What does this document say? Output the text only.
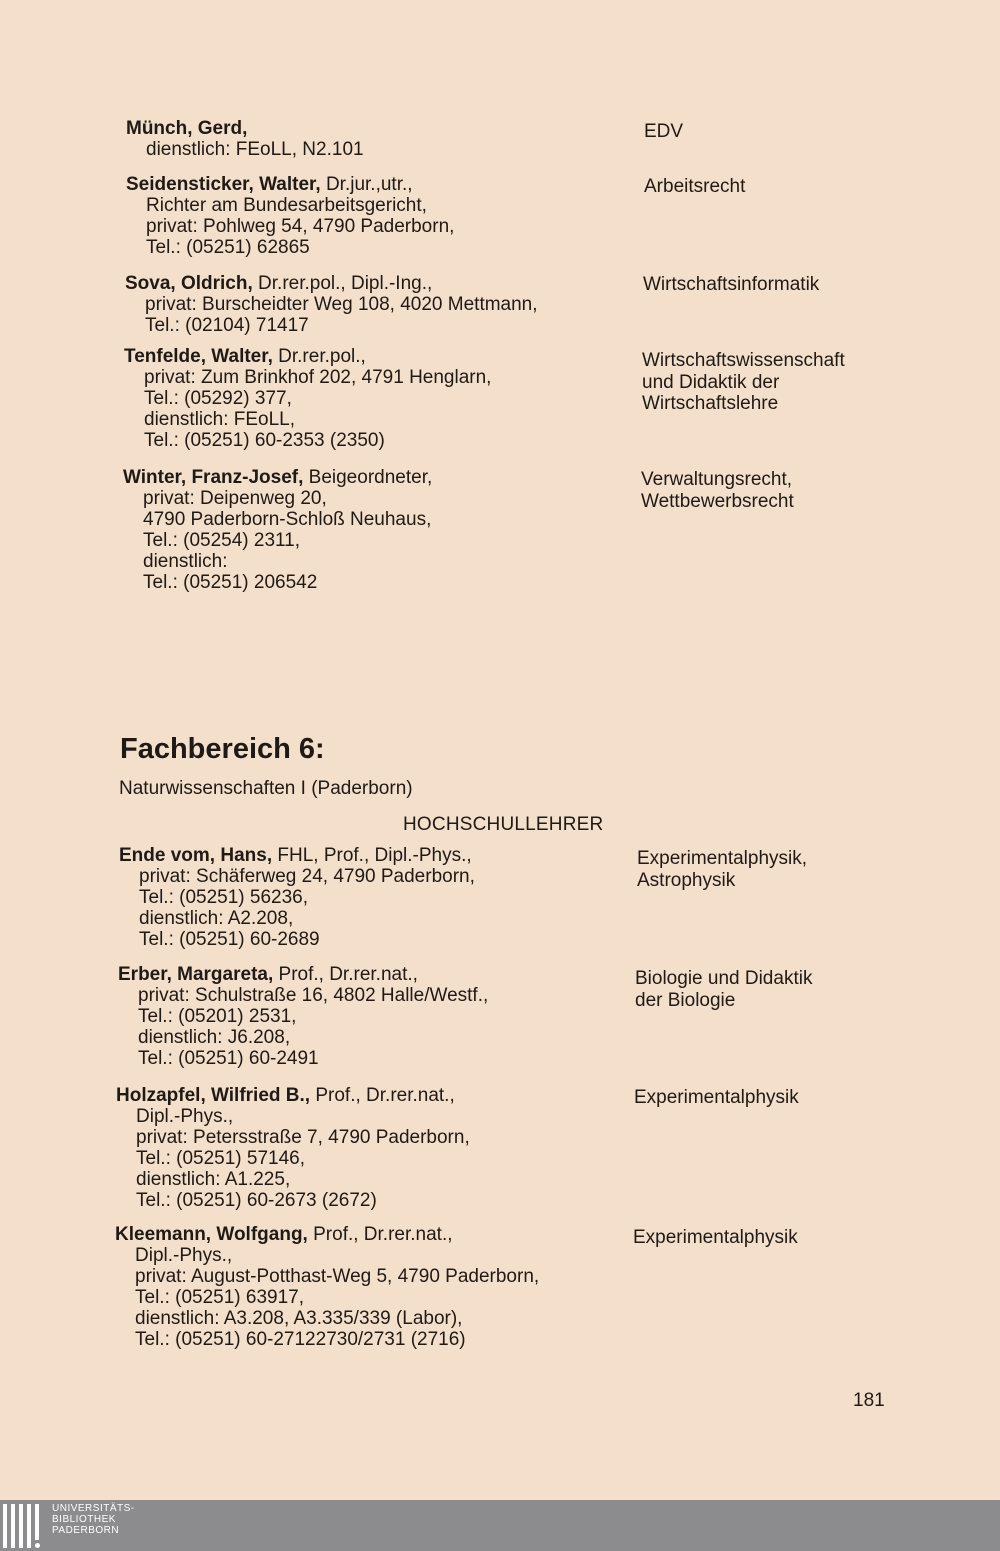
Münch, Gerd,
dienstlich: FEoLL, N2.101
EDV
Seidensticker, Walter, Dr.jur.,utr.,
Richter am Bundesarbeitsgericht,
privat: Pohlweg 54, 4790 Paderborn,
Tel.: (05251) 62865
Arbeitsrecht
Sova, Oldrich, Dr.rer.pol., Dipl.-Ing.,
privat: Burscheidter Weg 108, 4020 Mettmann,
Tel.: (02104) 71417
Wirtschaftsinformatik
Tenfelde, Walter, Dr.rer.pol.,
privat: Zum Brinkhof 202, 4791 Henglarn,
Tel.: (05292) 377,
dienstlich: FEoLL,
Tel.: (05251) 60-2353 (2350)
Wirtschaftswissenschaft
und Didaktik der
Wirtschaftslehre
Winter, Franz-Josef, Beigeordneter,
privat: Deipenweg 20,
4790 Paderborn-Schloß Neuhaus,
Tel.: (05254) 2311,
dienstlich:
Tel.: (05251) 206542
Verwaltungsrecht,
Wettbewerbsrecht
Fachbereich 6:
Naturwissenschaften I (Paderborn)
HOCHSCHULLEHRER
Ende vom, Hans, FHL, Prof., Dipl.-Phys.,
privat: Schäferweg 24, 4790 Paderborn,
Tel.: (05251) 56236,
dienstlich: A2.208,
Tel.: (05251) 60-2689
Experimentalphysik,
Astrophysik
Erber, Margareta, Prof., Dr.rer.nat.,
privat: Schulstraße 16, 4802 Halle/Westf.,
Tel.: (05201) 2531,
dienstlich: J6.208,
Tel.: (05251) 60-2491
Biologie und Didaktik
der Biologie
Holzapfel, Wilfried B., Prof., Dr.rer.nat.,
Dipl.-Phys.,
privat: Petersstraße 7, 4790 Paderborn,
Tel.: (05251) 57146,
dienstlich: A1.225,
Tel.: (05251) 60-2673 (2672)
Experimentalphysik
Kleemann, Wolfgang, Prof., Dr.rer.nat.,
Dipl.-Phys.,
privat: August-Potthast-Weg 5, 4790 Paderborn,
Tel.: (05251) 63917,
dienstlich: A3.208, A3.335/339 (Labor),
Tel.: (05251) 60-27122730/2731 (2716)
Experimentalphysik
181
UNIVERSITÄTS-
BIBLIOTHEK
PADERBORN
